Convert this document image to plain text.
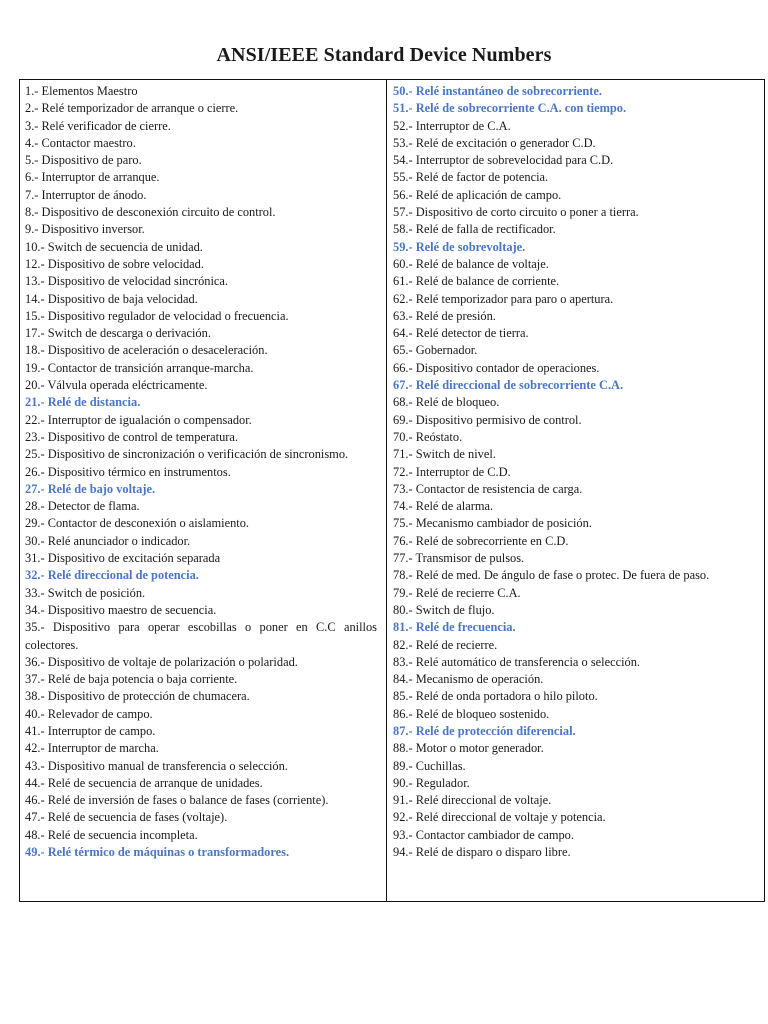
ANSI/IEEE Standard Device Numbers
1.- Elementos Maestro
2.- Relé temporizador de arranque o cierre.
3.- Relé verificador de cierre.
4.- Contactor maestro.
5.- Dispositivo de paro.
6.- Interruptor de arranque.
7.- Interruptor de ánodo.
8.- Dispositivo de desconexión circuito de control.
9.- Dispositivo inversor.
10.- Switch de secuencia de unidad.
12.- Dispositivo de sobre velocidad.
13.- Dispositivo de velocidad sincrónica.
14.- Dispositivo de baja velocidad.
15.- Dispositivo regulador de velocidad o frecuencia.
17.- Switch de descarga o derivación.
18.- Dispositivo de aceleración o desaceleración.
19.- Contactor de transición arranque-marcha.
20.- Válvula operada eléctricamente.
21.- Relé de distancia.
22.- Interruptor de igualación o compensador.
23.- Dispositivo de control de temperatura.
25.- Dispositivo de sincronización o verificación de sincronismo.
26.- Dispositivo térmico en instrumentos.
27.- Relé de bajo voltaje.
28.- Detector de flama.
29.- Contactor de desconexión o aislamiento.
30.- Relé anunciador o indicador.
31.- Dispositivo de excitación separada
32.- Relé direccional de potencia.
33.- Switch de posición.
34.- Dispositivo maestro de secuencia.
35.- Dispositivo para operar escobillas o poner en C.C anillos colectores.
36.- Dispositivo de voltaje de polarización o polaridad.
37.- Relé de baja potencia o baja corriente.
38.- Dispositivo de protección de chumacera.
40.- Relevador de campo.
41.- Interruptor de campo.
42.- Interruptor de marcha.
43.- Dispositivo manual de transferencia o selección.
44.- Relé de secuencia de arranque de unidades.
46.- Relé de inversión de fases o balance de fases (corriente).
47.- Relé de secuencia de fases (voltaje).
48.- Relé de secuencia incompleta.
49.- Relé térmico de máquinas o transformadores.
50.- Relé instantáneo de sobrecorriente.
51.- Relé de sobrecorriente C.A. con tiempo.
52.- Interruptor de C.A.
53.- Relé de excitación o generador C.D.
54.- Interruptor de sobrevelocidad para C.D.
55.- Relé de factor de potencia.
56.- Relé de aplicación de campo.
57.- Dispositivo de corto circuito o poner a tierra.
58.- Relé de falla de rectificador.
59.- Relé de sobrevoltaje.
60.- Relé de balance de voltaje.
61.- Relé de balance de corriente.
62.- Relé temporizador para paro o apertura.
63.- Relé de presión.
64.- Relé detector de tierra.
65.- Gobernador.
66.- Dispositivo contador de operaciones.
67.- Relé direccional de sobrecorriente C.A.
68.- Relé de bloqueo.
69.- Dispositivo permisivo de control.
70.- Reóstato.
71.- Switch de nivel.
72.- Interruptor de C.D.
73.- Contactor de resistencia de carga.
74.- Relé de alarma.
75.- Mecanismo cambiador de posición.
76.- Relé de sobrecorriente en C.D.
77.- Transmisor de pulsos.
78.- Relé de med. De ángulo de fase o protec. De fuera de paso.
79.- Relé de recierre C.A.
80.- Switch de flujo.
81.- Relé de frecuencia.
82.- Relé de recierre.
83.- Relé automático de transferencia o selección.
84.- Mecanismo de operación.
85.- Relé de onda portadora o hilo piloto.
86.- Relé de bloqueo sostenido.
87.- Relé de protección diferencial.
88.- Motor o motor generador.
89.- Cuchillas.
90.- Regulador.
91.- Relé direccional de voltaje.
92.- Relé direccional de voltaje y potencia.
93.- Contactor cambiador de campo.
94.- Relé de disparo o disparo libre.
